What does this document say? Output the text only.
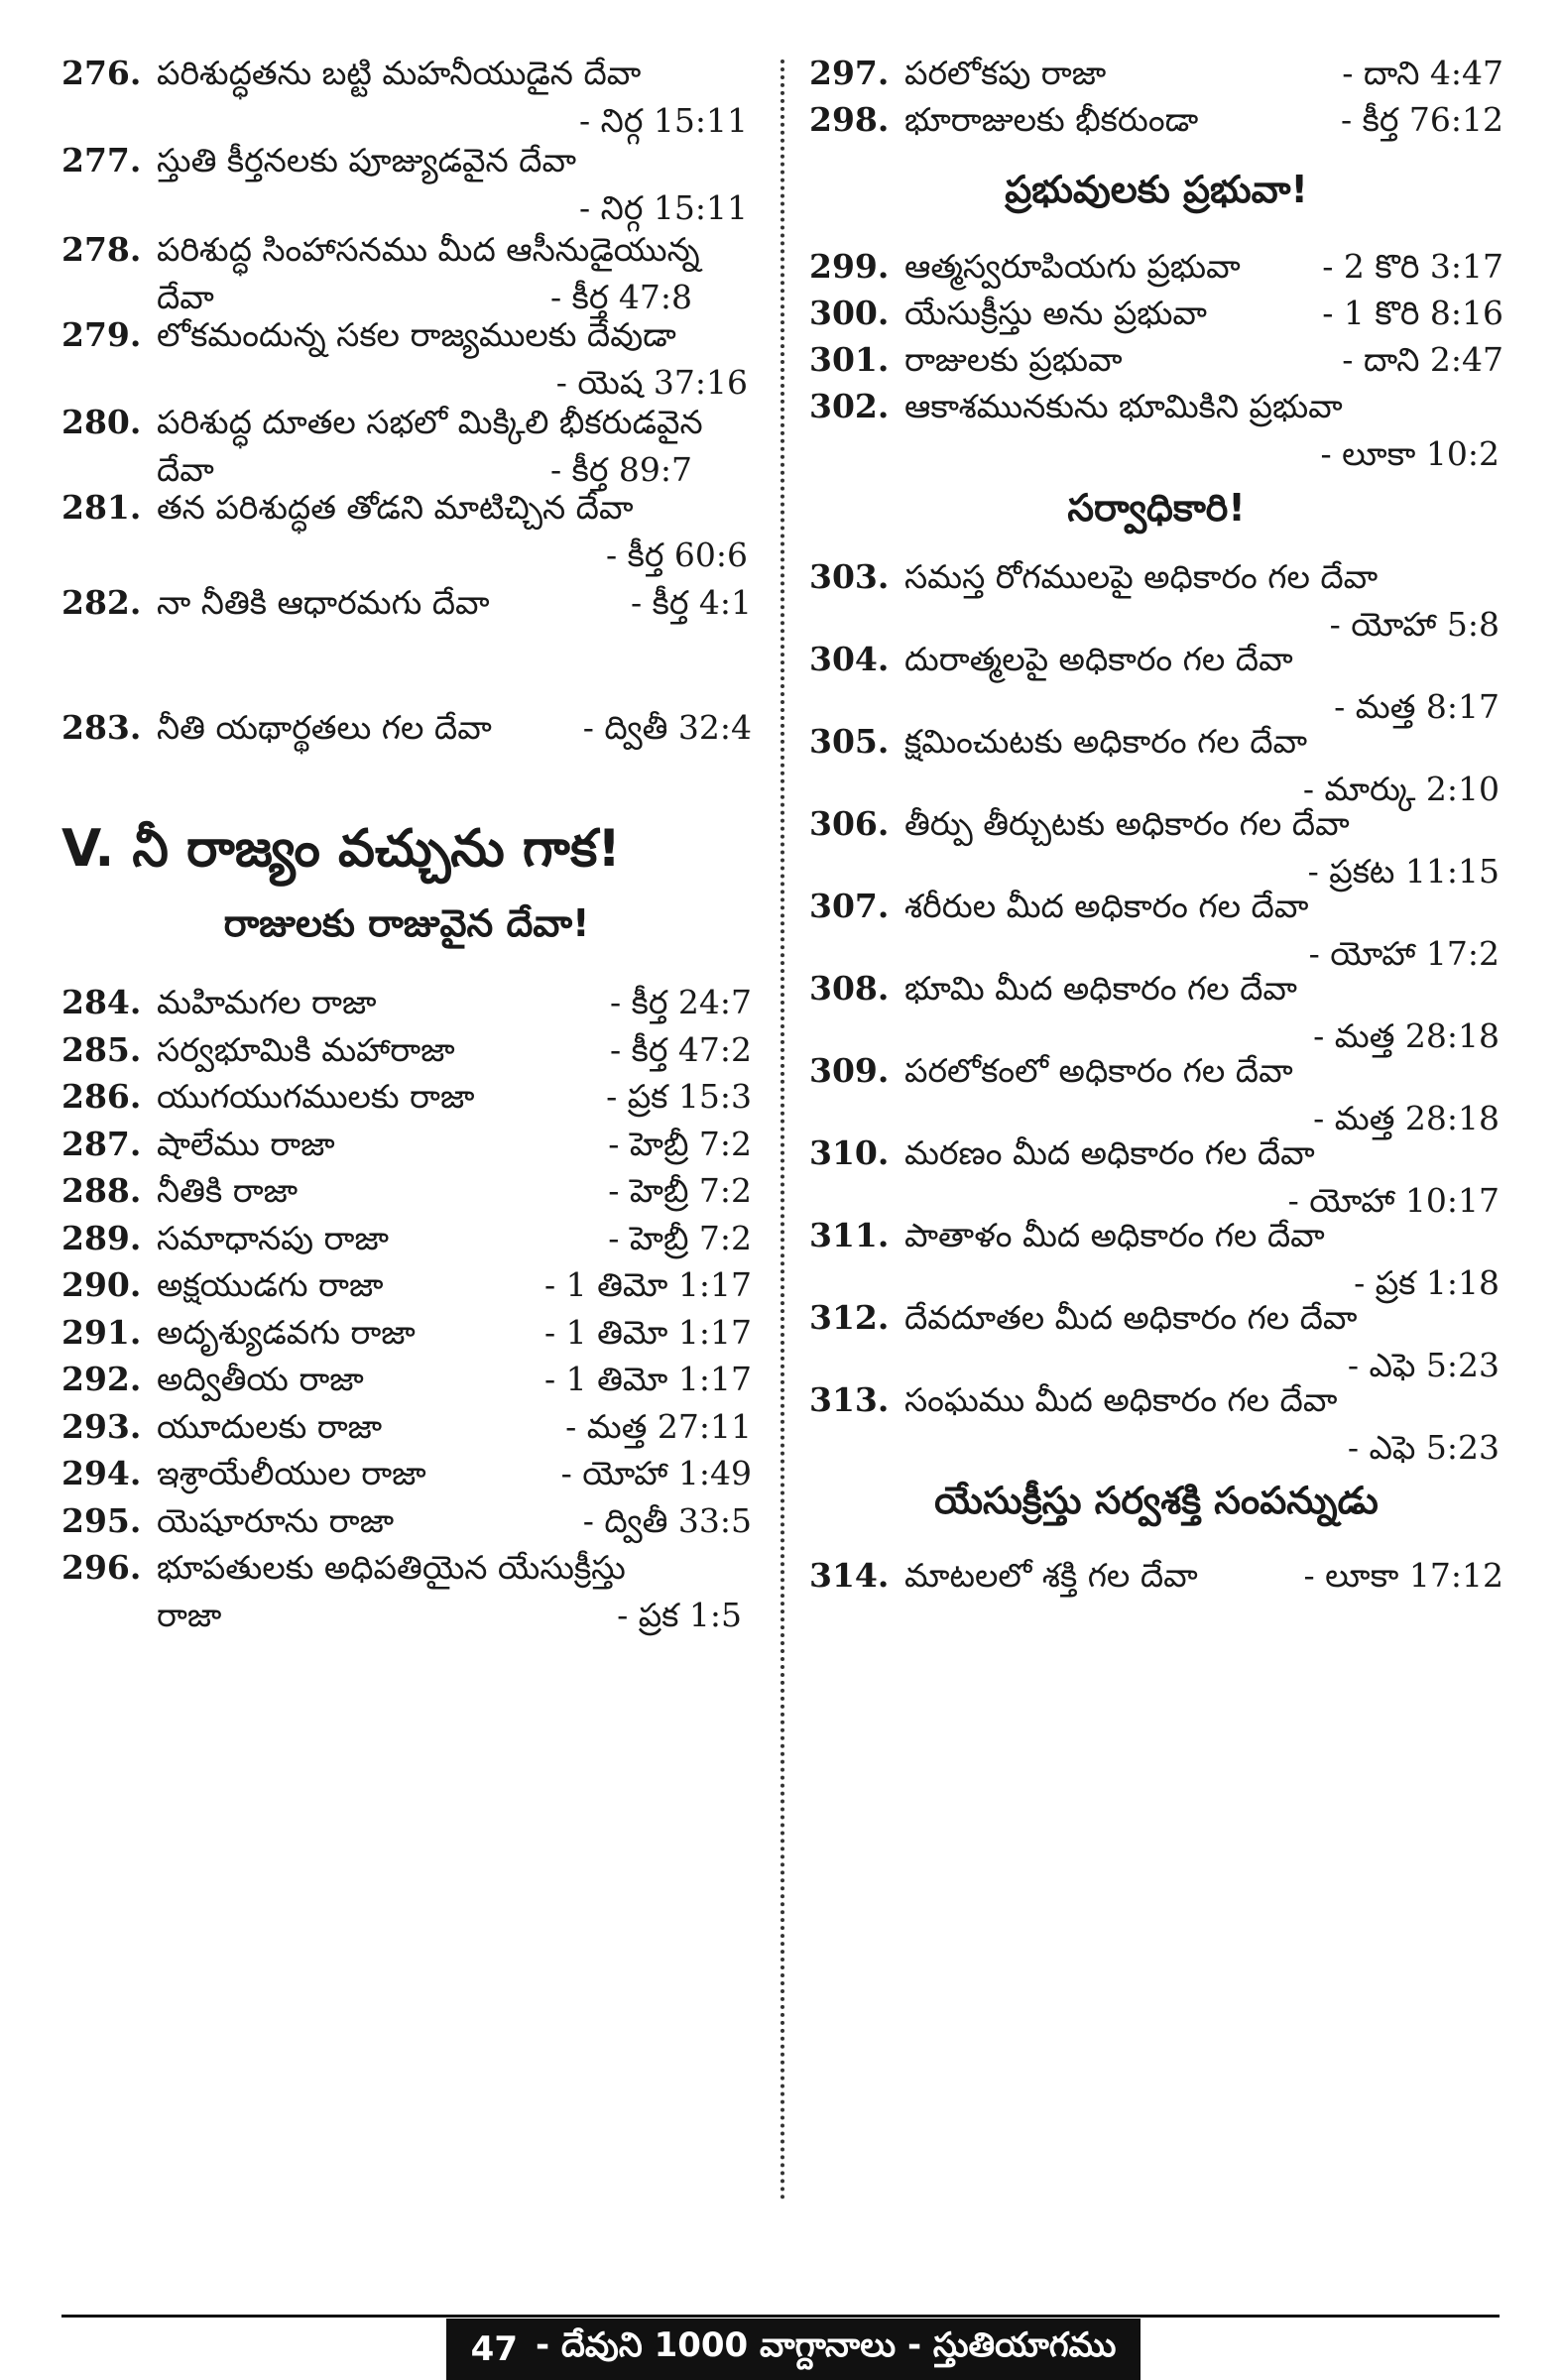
276. పరిశుద్ధతను బట్టి మహనీయుడైన దేవా
- నిర్గ 15:11
277. స్తుతి కీర్తనలకు పూజ్యుడవైన దేవా
- నిర్గ 15:11
278. పరిశుద్ధ సింహాసనము మీద ఆసీనుడైయున్న
దేవా	- కీర్త 47:8
279. లోకమందున్న సకల రాజ్యములకు దేవుడా
- యెష 37:16
280. పరిశుద్ధ దూతల సభలో మిక్కిలి భీకరుడవైన
దేవా	- కీర్త 89:7
281. తన పరిశుద్ధత తోడని మాటిచ్చిన దేవా
- కీర్త 60:6
282. నా నీతికి ఆధారమగు దేవా	- కీర్త 4:1
283. నీతి యథార్థతలు గల దేవా	- ద్వితీ 32:4
V. నీ రాజ్యం వచ్చును గాక!
రాజులకు రాజువైన దేవా!
284. మహిమగల రాజా	- కీర్త 24:7
285. సర్వభూమికి మహారాజా	- కీర్త 47:2
286. యుగయుగములకు రాజా	- ప్రక 15:3
287. షాలేము రాజా	- హెబ్రీ 7:2
288. నీతికి రాజా	- హెబ్రీ 7:2
289. సమాధానపు రాజా	- హెబ్రీ 7:2
290. అక్షయుడగు రాజా	- 1 తిమో 1:17
291. అదృశ్యుడవగు రాజా	- 1 తిమో 1:17
292. అద్వితీయ రాజా	- 1 తిమో 1:17
293. యూదులకు రాజా	- మత్త 27:11
294. ఇశ్రాయేలీయుల రాజా	- యోహా 1:49
295. యెషూరూను రాజా	- ద్వితీ 33:5
296. భూపతులకు అధిపతియైన యేసుక్రీస్తు
రాజా	- ప్రక 1:5
297. పరలోకపు రాజా	- దాని 4:47
298. భూరాజులకు భీకరుండా	- కీర్త 76:12
ప్రభువులకు ప్రభువా!
299. ఆత్మస్వరూపియగు ప్రభువా	- 2 కొరి 3:17
300. యేసుక్రీస్తు అను ప్రభువా	- 1 కొరి 8:16
301. రాజులకు ప్రభువా	- దాని 2:47
302. ఆకాశమునకును భూమికిని ప్రభువా
- లూకా 10:2
సర్వాధికారి!
303. సమస్త రోగములపై అధికారం గల దేవా
- యోహా 5:8
304. దురాత్మలపై అధికారం గల దేవా
- మత్త 8:17
305. క్షమించుటకు అధికారం గల దేవా
- మార్కు 2:10
306. తీర్పు తీర్చుటకు అధికారం గల దేవా
- ప్రకట 11:15
307. శరీరుల మీద అధికారం గల దేవా
- యోహా 17:2
308. భూమి మీద అధికారం గల దేవా
- మత్త 28:18
309. పరలోకంలో అధికారం గల దేవా
- మత్త 28:18
310. మరణం మీద అధికారం గల దేవా
- యోహా 10:17
311. పాతాళం మీద అధికారం గల దేవా
- ప్రక 1:18
312. దేవదూతల మీద అధికారం గల దేవా
- ఎఫె 5:23
313. సంఘము మీద అధికారం గల దేవా
- ఎఫె 5:23
యేసుక్రీస్తు సర్వశక్తి సంపన్నుడు
314. మాటలలో శక్తి గల దేవా	- లూకా 17:12
47 - దేవుని 1000 వాగ్దానాలు - స్తుతియాగము
